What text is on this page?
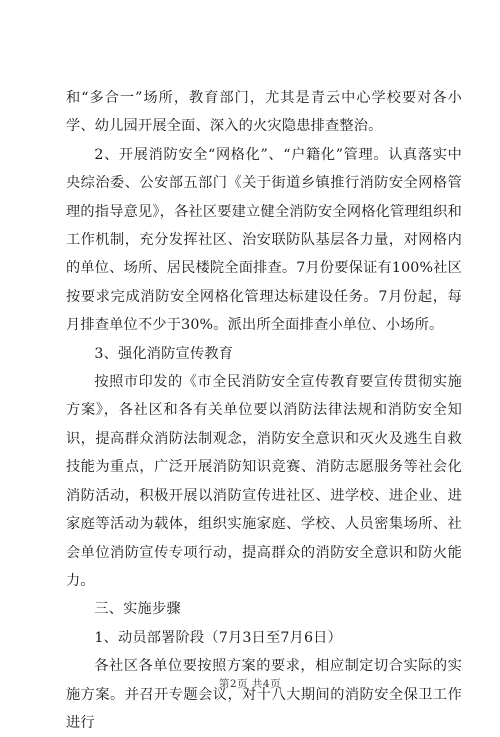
和“多合一”场所，教育部门，尤其是青云中心学校要对各小学、幼儿园开展全面、深入的火灾隐患排查整治。

2、开展消防安全“网格化”、“户籍化”管理。认真落实中央综治委、公安部五部门《关于街道乡镇推行消防安全网格管理的指导意见》，各社区要建立健全消防安全网格化管理组织和工作机制，充分发挥社区、治安联防队基层各力量，对网格内的单位、场所、居民楼院全面排查。7月份要保证有100%社区按要求完成消防安全网格化管理达标建设任务。7月份起，每月排查单位不少于30%。派出所全面排查小单位、小场所。

3、强化消防宣传教育

按照市印发的《市全民消防安全宣传教育要宣传贯彻实施方案》，各社区和各有关单位要以消防法律法规和消防安全知识，提高群众消防法制观念，消防安全意识和灭火及逃生自救技能为重点，广泛开展消防知识竞赛、消防志愿服务等社会化消防活动，积极开展以消防宣传进社区、进学校、进企业、进家庭等活动为载体，组织实施家庭、学校、人员密集场所、社会单位消防宣传专项行动，提高群众的消防安全意识和防火能力。

三、实施步骤

1、动员部署阶段（7月3日至7月6日）

各社区各单位要按照方案的要求，相应制定切合实际的实施方案。并召开专题会议，对十八大期间的消防安全保卫工作进行

第2页 共4页
